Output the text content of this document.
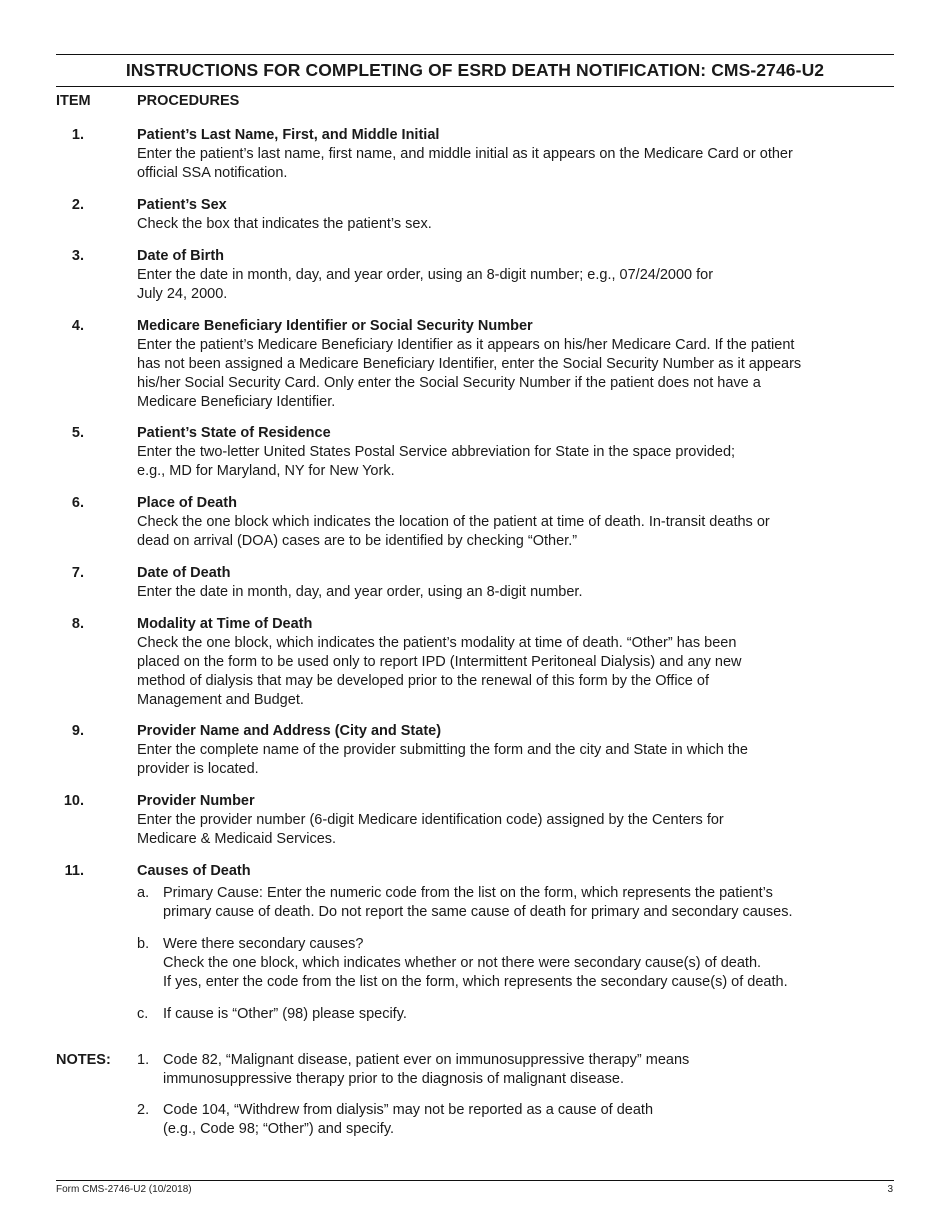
INSTRUCTIONS FOR COMPLETING OF ESRD DEATH NOTIFICATION: CMS-2746-U2
ITEM	PROCEDURES
1.	Patient’s Last Name, First, and Middle Initial
Enter the patient’s last name, first name, and middle initial as it appears on the Medicare Card or other
official SSA notification.
2.	Patient’s Sex
Check the box that indicates the patient’s sex.
3.	Date of Birth
Enter the date in month, day, and year order, using an 8-digit number; e.g., 07/24/2000 for
July 24, 2000.
4.	Medicare Beneficiary Identifier or Social Security Number
Enter the patient’s Medicare Beneficiary Identifier as it appears on his/her Medicare Card. If the patient
has not been assigned a Medicare Beneficiary Identifier, enter the Social Security Number as it appears
his/her Social Security Card. Only enter the Social Security Number if the patient does not have a
Medicare Beneficiary Identifier.
5.	Patient’s State of Residence
Enter the two-letter United States Postal Service abbreviation for State in the space provided;
e.g., MD for Maryland, NY for New York.
6.	Place of Death
Check the one block which indicates the location of the patient at time of death. In-transit deaths or
dead on arrival (DOA) cases are to be identified by checking “Other.”
7.	Date of Death
Enter the date in month, day, and year order, using an 8-digit number.
8.	Modality at Time of Death
Check the one block, which indicates the patient’s modality at time of death. “Other” has been
placed on the form to be used only to report IPD (Intermittent Peritoneal Dialysis) and any new
method of dialysis that may be developed prior to the renewal of this form by the Office of
Management and Budget.
9.	Provider Name and Address (City and State)
Enter the complete name of the provider submitting the form and the city and State in which the
provider is located.
10.	Provider Number
Enter the provider number (6-digit Medicare identification code) assigned by the Centers for
Medicare & Medicaid Services.
11.	Causes of Death
a. Primary Cause: Enter the numeric code from the list on the form, which represents the patient’s
primary cause of death. Do not report the same cause of death for primary and secondary causes.
b. Were there secondary causes?
Check the one block, which indicates whether or not there were secondary cause(s) of death.
If yes, enter the code from the list on the form, which represents the secondary cause(s) of death.
c. If cause is “Other” (98) please specify.
NOTES: 1. Code 82, “Malignant disease, patient ever on immunosuppressive therapy” means
immunosuppressive therapy prior to the diagnosis of malignant disease.
2. Code 104, “Withdrew from dialysis” may not be reported as a cause of death
(e.g., Code 98; “Other”) and specify.
Form CMS-2746-U2 (10/2018)	3
